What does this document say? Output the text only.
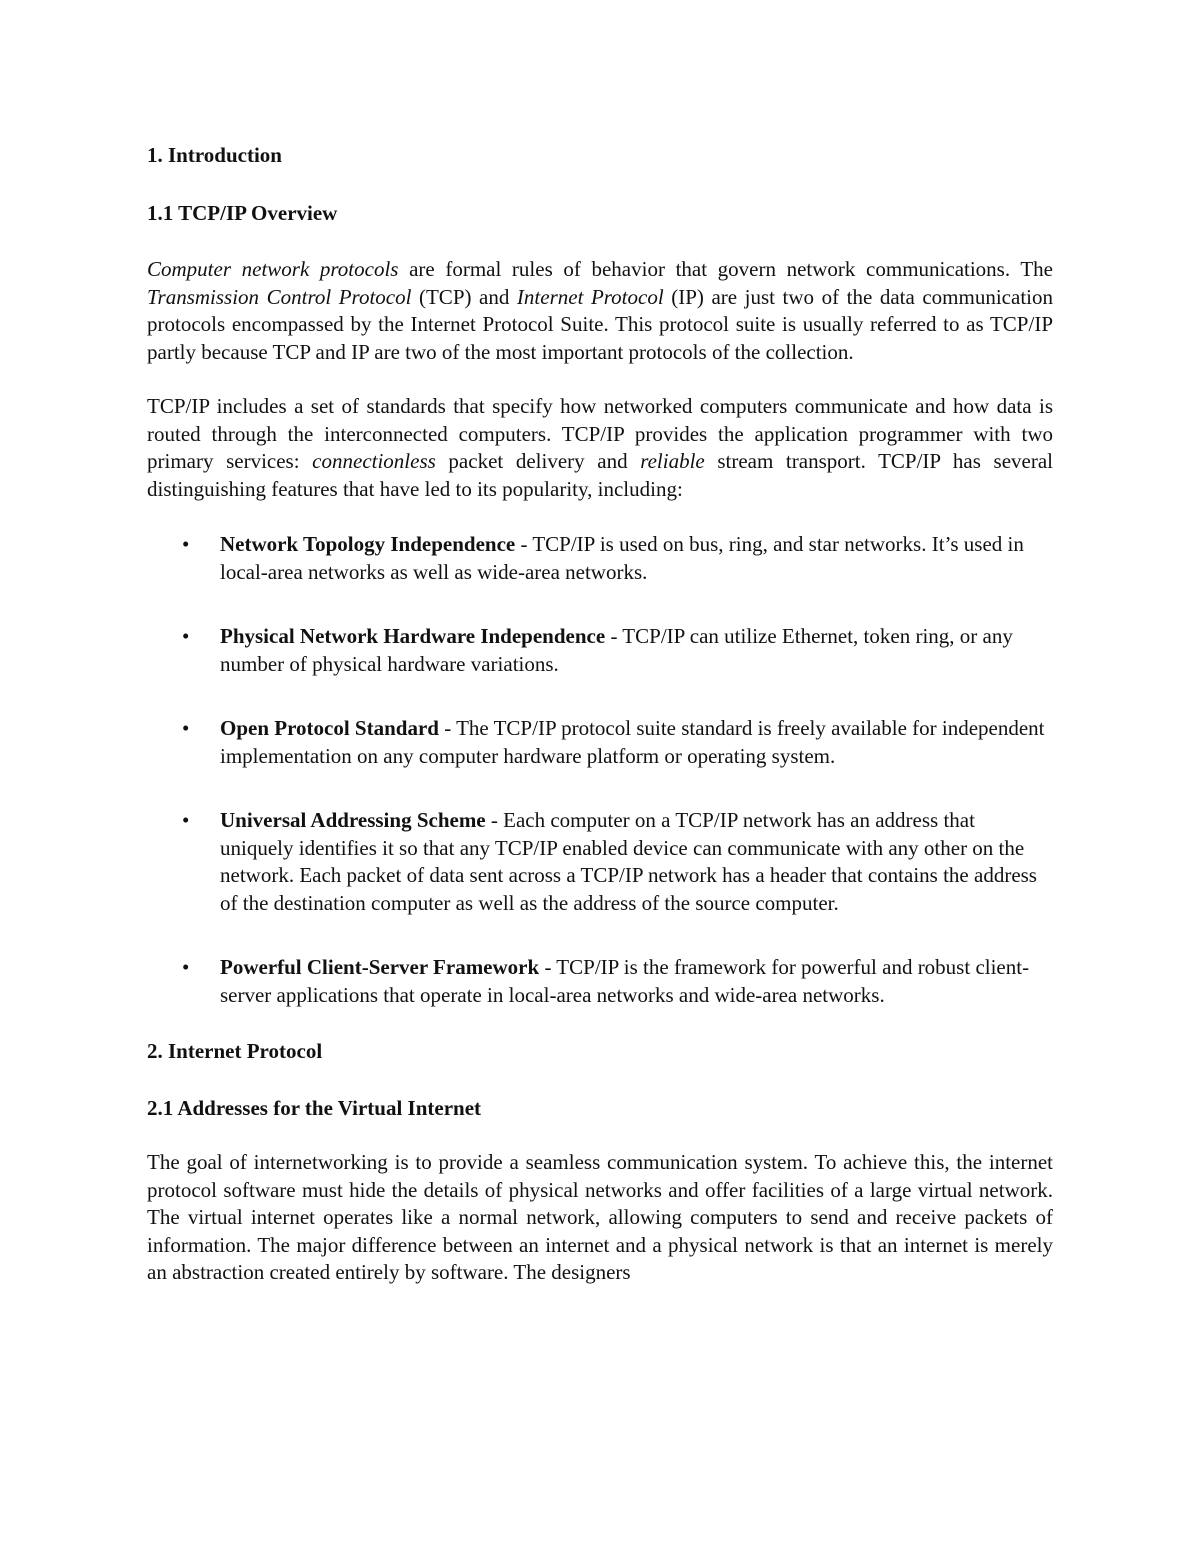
1. Introduction
1.1 TCP/IP Overview

Computer network protocols are formal rules of behavior that govern network communications. The Transmission Control Protocol (TCP) and Internet Protocol (IP) are just two of the data communication protocols encompassed by the Internet Protocol Suite. This protocol suite is usually referred to as TCP/IP partly because TCP and IP are two of the most important protocols of the collection.

TCP/IP includes a set of standards that specify how networked computers communicate and how data is routed through the interconnected computers. TCP/IP provides the application programmer with two primary services: connectionless packet delivery and reliable stream transport. TCP/IP has several distinguishing features that have led to its popularity, including:

• Network Topology Independence - TCP/IP is used on bus, ring, and star networks. It’s used in local-area networks as well as wide-area networks.
• Physical Network Hardware Independence - TCP/IP can utilize Ethernet, token ring, or any number of physical hardware variations.
• Open Protocol Standard - The TCP/IP protocol suite standard is freely available for independent implementation on any computer hardware platform or operating system.
• Universal Addressing Scheme - Each computer on a TCP/IP network has an address that uniquely identifies it so that any TCP/IP enabled device can communicate with any other on the network. Each packet of data sent across a TCP/IP network has a header that contains the address of the destination computer as well as the address of the source computer.
• Powerful Client-Server Framework - TCP/IP is the framework for powerful and robust client-server applications that operate in local-area networks and wide-area networks.
2. Internet Protocol
2.1 Addresses for the Virtual Internet

The goal of internetworking is to provide a seamless communication system. To achieve this, the internet protocol software must hide the details of physical networks and offer facilities of a large virtual network. The virtual internet operates like a normal network, allowing computers to send and receive packets of information. The major difference between an internet and a physical network is that an internet is merely an abstraction created entirely by software. The designers
